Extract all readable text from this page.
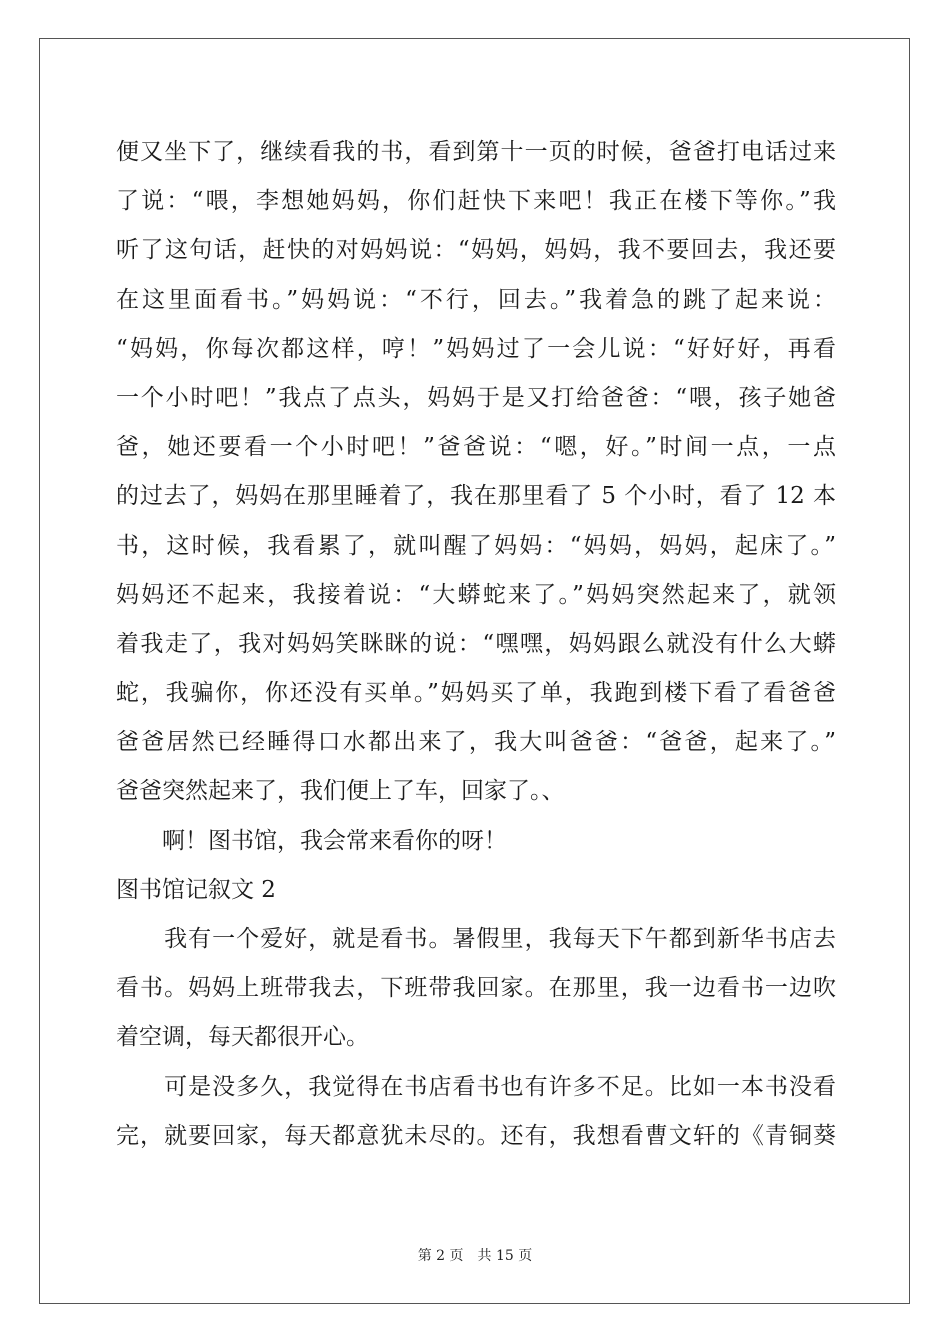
便又坐下了，继续看我的书，看到第十一页的时候，爸爸打电话过来
了说：“喂，李想她妈妈，你们赶快下来吧！我正在楼下等你。”我
听了这句话，赶快的对妈妈说：“妈妈，妈妈，我不要回去，我还要
在这里面看书。”妈妈说：“不行，回去。”我着急的跳了起来说：
“妈妈，你每次都这样，哼！”妈妈过了一会儿说：“好好好，再看
一个小时吧！”我点了点头，妈妈于是又打给爸爸：“喂，孩子她爸
爸，她还要看一个小时吧！”爸爸说：“嗯，好。”时间一点，一点
的过去了，妈妈在那里睡着了，我在那里看了 5 个小时，看了 12 本
书，这时候，我看累了，就叫醒了妈妈：“妈妈，妈妈，起床了。”
妈妈还不起来，我接着说：“大蟒蛇来了。”妈妈突然起来了，就领
着我走了，我对妈妈笑眯眯的说：“嘿嘿，妈妈跟么就没有什么大蟒
蛇，我骗你，你还没有买单。”妈妈买了单，我跑到楼下看了看爸爸
爸爸居然已经睡得口水都出来了，我大叫爸爸：“爸爸，起来了。”
爸爸突然起来了，我们便上了车，回家了。、
　　啊！图书馆，我会常来看你的呀！
图书馆记叙文 2
　　我有一个爱好，就是看书。暑假里，我每天下午都到新华书店去
看书。妈妈上班带我去，下班带我回家。在那里，我一边看书一边吹
着空调，每天都很开心。
　　可是没多久，我觉得在书店看书也有许多不足。比如一本书没看
完，就要回家，每天都意犹未尽的。还有，我想看曹文轩的《青铜葵
第 2 页　共 15 页
